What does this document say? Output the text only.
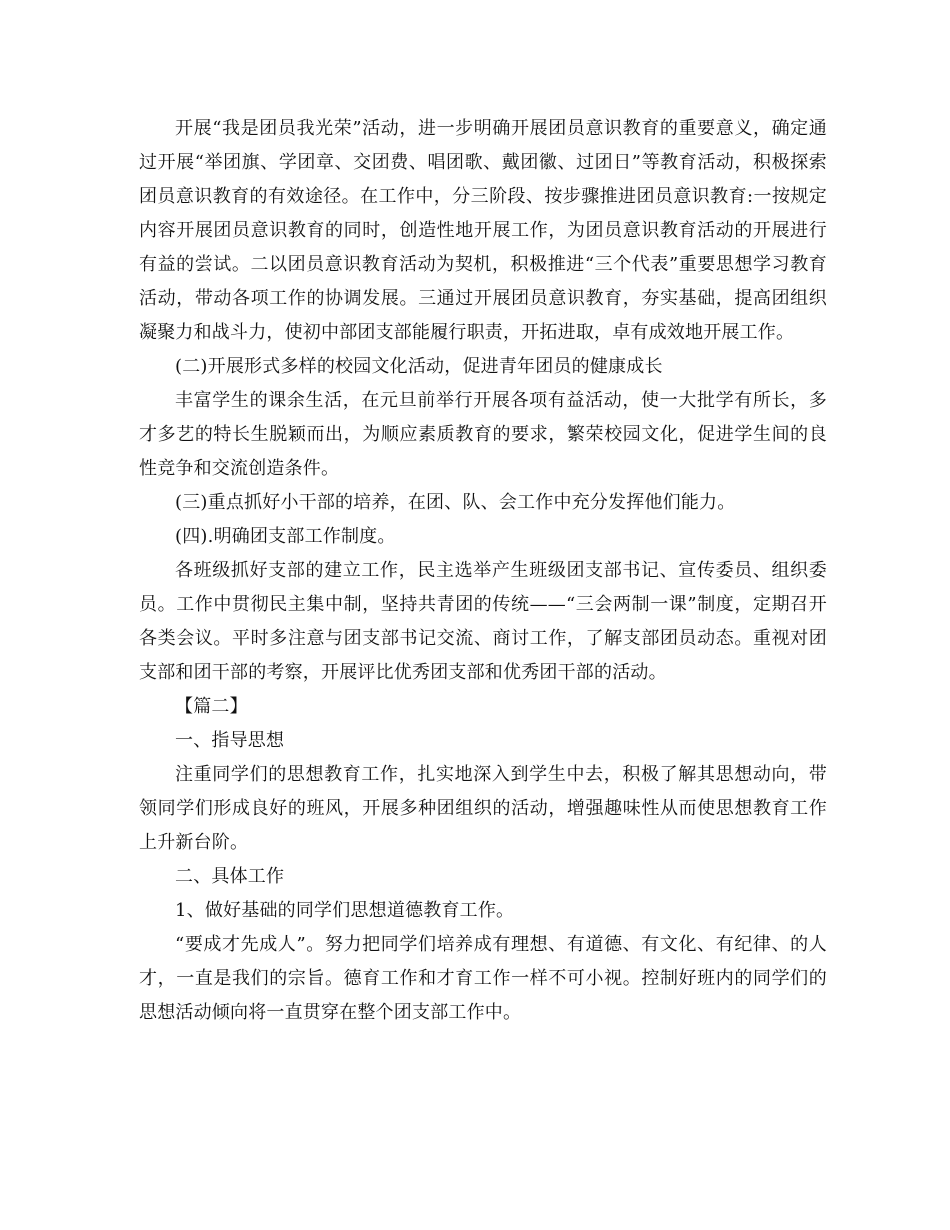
开展“我是团员我光荣”活动，进一步明确开展团员意识教育的重要意义，确定通过开展“举团旗、学团章、交团费、唱团歌、戴团徽、过团日”等教育活动，积极探索团员意识教育的有效途径。在工作中，分三阶段、按步骤推进团员意识教育:一按规定内容开展团员意识教育的同时，创造性地开展工作，为团员意识教育活动的开展进行有益的尝试。二以团员意识教育活动为契机，积极推进“三个代表”重要思想学习教育活动，带动各项工作的协调发展。三通过开展团员意识教育，夯实基础，提高团组织凝聚力和战斗力，使初中部团支部能履行职责，开拓进取，卓有成效地开展工作。

(二)开展形式多样的校园文化活动，促进青年团员的健康成长

丰富学生的课余生活，在元旦前举行开展各项有益活动，使一大批学有所长，多才多艺的特长生脱颖而出，为顺应素质教育的要求，繁荣校园文化，促进学生间的良性竞争和交流创造条件。

(三)重点抓好小干部的培养，在团、队、会工作中充分发挥他们能力。

(四).明确团支部工作制度。

各班级抓好支部的建立工作，民主选举产生班级团支部书记、宣传委员、组织委员。工作中贯彻民主集中制，坚持共青团的传统——“三会两制一课”制度，定期召开各类会议。平时多注意与团支部书记交流、商讨工作，了解支部团员动态。重视对团支部和团干部的考察，开展评比优秀团支部和优秀团干部的活动。

【篇二】

一、指导思想

注重同学们的思想教育工作，扎实地深入到学生中去，积极了解其思想动向，带领同学们形成良好的班风，开展多种团组织的活动，增强趣味性从而使思想教育工作上升新台阶。

二、具体工作

1、做好基础的同学们思想道德教育工作。

“要成才先成人”。努力把同学们培养成有理想、有道德、有文化、有纪律、的人才，一直是我们的宗旨。德育工作和才育工作一样不可小视。控制好班内的同学们的思想活动倾向将一直贯穿在整个团支部工作中。
